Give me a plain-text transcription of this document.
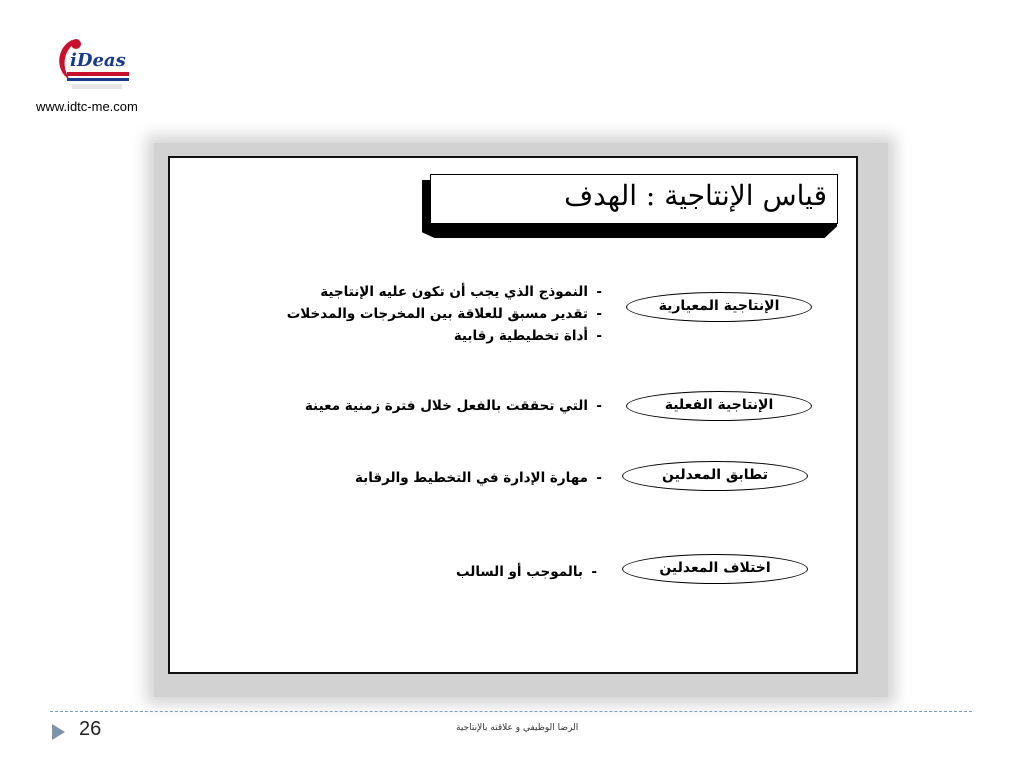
iDeas
www.idtc-me.com
قياس الإنتاجية : الهدف
الإنتاجية المعيارية
-النموذج الذي يجب أن تكون عليه الإنتاجية
-تقدير مسبق للعلاقة بين المخرجات والمدخلات
-أداة تخطيطية رقابية
الإنتاجية الفعلية
-التي تحققت بالفعل خلال فترة زمنية معينة
تطابق المعدلين
-مهارة الإدارة في التخطيط والرقابة
اختلاف المعدلين
-بالموجب أو السالب
26	الرضا الوظيفي و علاقته بالإنتاجية
